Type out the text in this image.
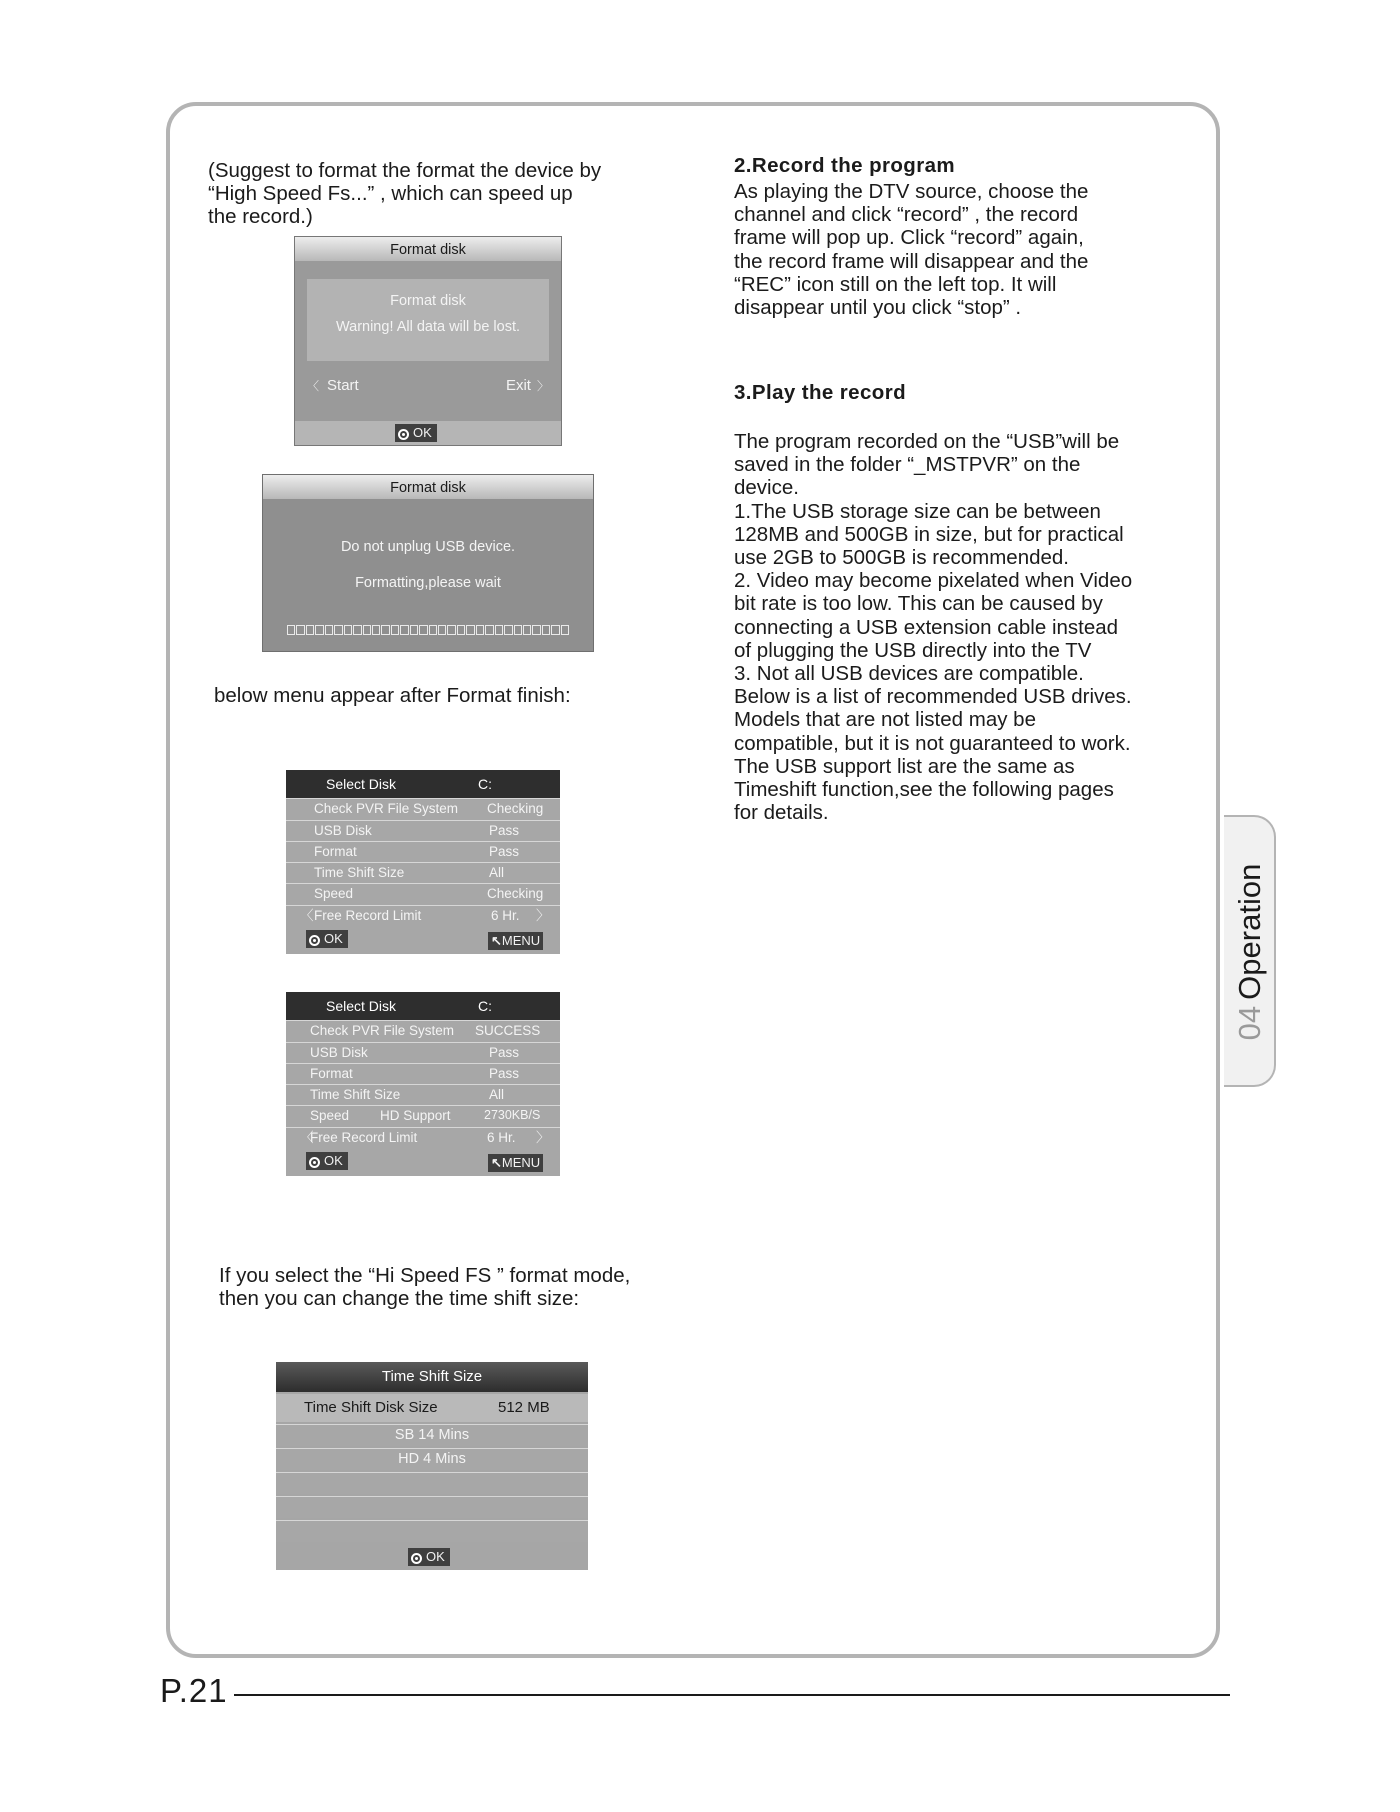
(Suggest to format the format the device by
“High Speed Fs...” , which can speed up
the record.)
Format disk
Format disk
Warning! All data will be lost.
〈 Start	Exit 〉
OK
Format disk
Do not unplug USB device.
Formatting,please wait
below menu appear after Format finish:
Select Disk	C:
Check PVR File System Checking
USB Disk	Pass
Format	Pass
Time Shift Size	All
Speed	Checking
〈 Free Record Limit	6 Hr. 〉
OK	↖MENU
Select Disk	C:
Check PVR File System SUCCESS
USB Disk	Pass
Format	Pass
Time Shift Size	All
Speed HD Support	2730KB/S
〈
Free Record Limit	6 Hr. 〉
OK	↖MENU
If you select the “Hi Speed FS ” format mode,
then you can change the time shift size:
Time Shift Size
Time Shift Disk Size	512 MB
SB 14 Mins
HD 4 Mins
OK
2.Record the program
As playing the DTV source, choose the
channel and click “record” , the record
frame will pop up. Click “record” again,
the record frame will disappear and the
“REC” icon still on the left top. It will
disappear until you click “stop” .
3.Play the record
The program recorded on the “USB”will be
saved in the folder “_MSTPVR” on the
device.
1.The USB storage size can be between
128MB and 500GB in size, but for practical
use 2GB to 500GB is recommended.
2. Video may become pixelated when Video
bit rate is too low. This can be caused by
connecting a USB extension cable instead
of plugging the USB directly into the TV
3. Not all USB devices are compatible.
Below is a list of recommended USB drives.
Models that are not listed may be
compatible, but it is not guaranteed to work.
The USB support list are the same as
Timeshift function,see the following pages
for details.
04Operation
P.21
